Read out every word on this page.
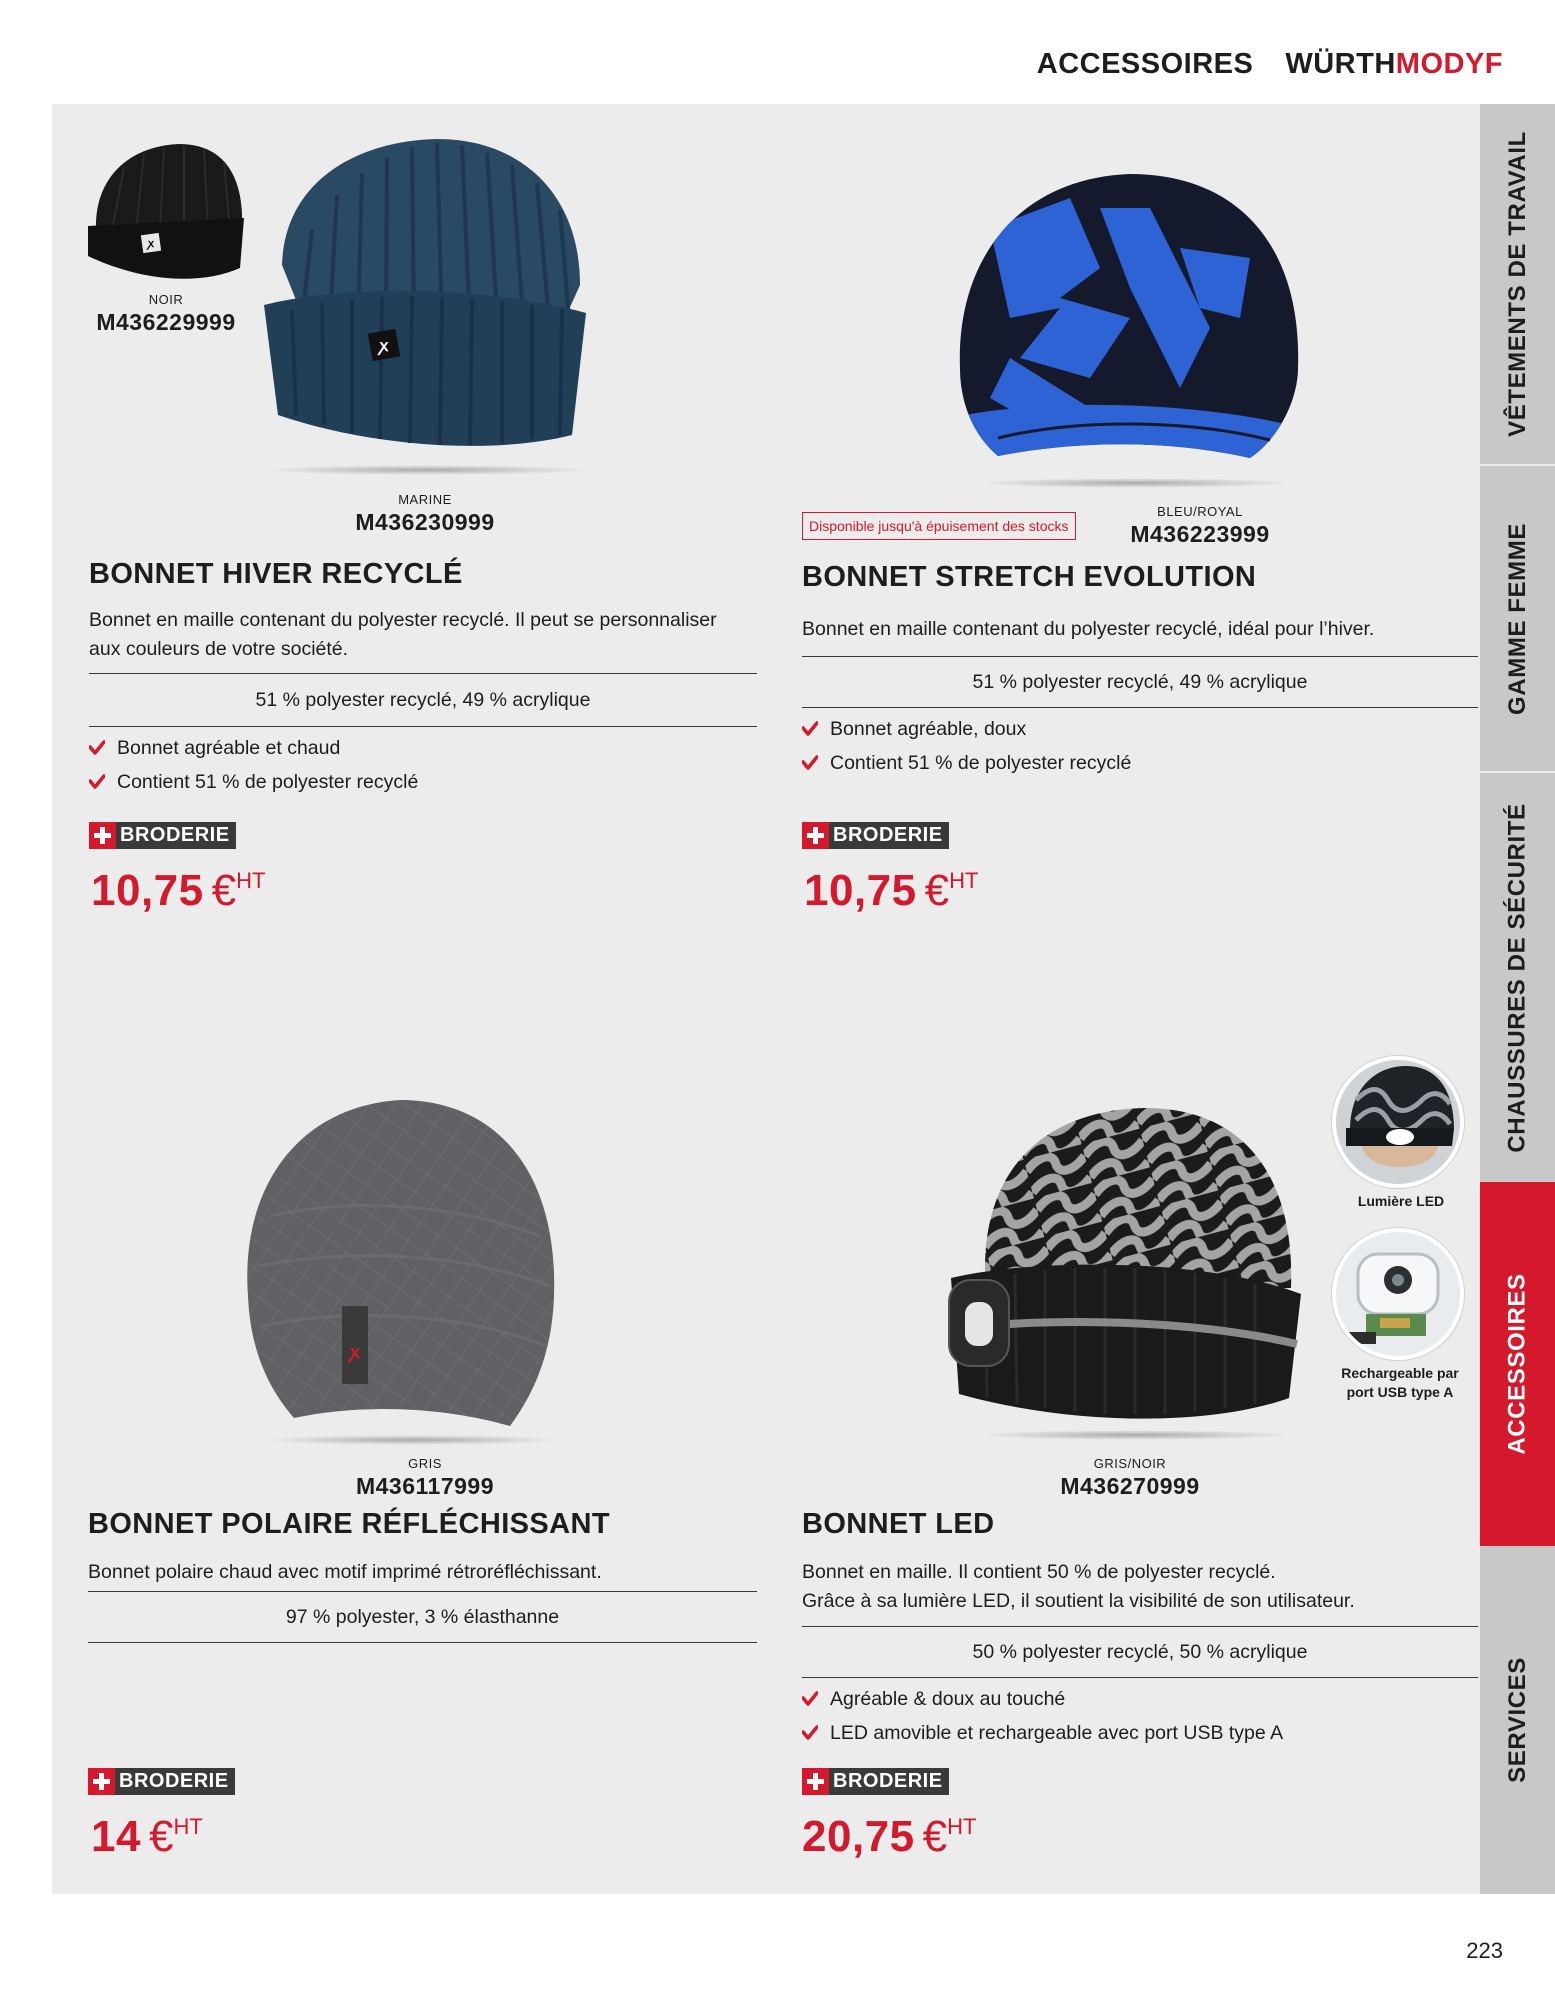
ACCESSOIRES WÜRTHMODYF
VÊTEMENTS DE TRAVAIL
GAMME FEMME
CHAUSSURES DE SÉCURITÉ
ACCESSOIRES
SERVICES
ꭗ
NOIR
M436229999
ꭗ
MARINE
M436230999
BONNET HIVER RECYCLÉ
Bonnet en maille contenant du polyester recyclé. Il peut se personnaliser aux couleurs de votre société.
51 % polyester recyclé, 49 % acrylique
Bonnet agréable et chaud
Contient 51 % de polyester recyclé
BRODERIE
10,75 €HT
Disponible jusqu'à épuisement des stocks
BLEU/ROYAL
M436223999
BONNET STRETCH EVOLUTION
Bonnet en maille contenant du polyester recyclé, idéal pour l’hiver.
51 % polyester recyclé, 49 % acrylique
Bonnet agréable, doux
Contient 51 % de polyester recyclé
BRODERIE
10,75 €HT
ꭗ
GRIS
M436117999
BONNET POLAIRE RÉFLÉCHISSANT
Bonnet polaire chaud avec motif imprimé rétroréfléchissant.
97 % polyester, 3 % élasthanne
BRODERIE
14 €HT
Lumière LED
Rechargeable par
port USB type A
GRIS/NOIR
M436270999
BONNET LED
Bonnet en maille. Il contient 50 % de polyester recyclé.
Grâce à sa lumière LED, il soutient la visibilité de son utilisateur.
50 % polyester recyclé, 50 % acrylique
Agréable & doux au touché
LED amovible et rechargeable avec port USB type A
BRODERIE
20,75 €HT
223
